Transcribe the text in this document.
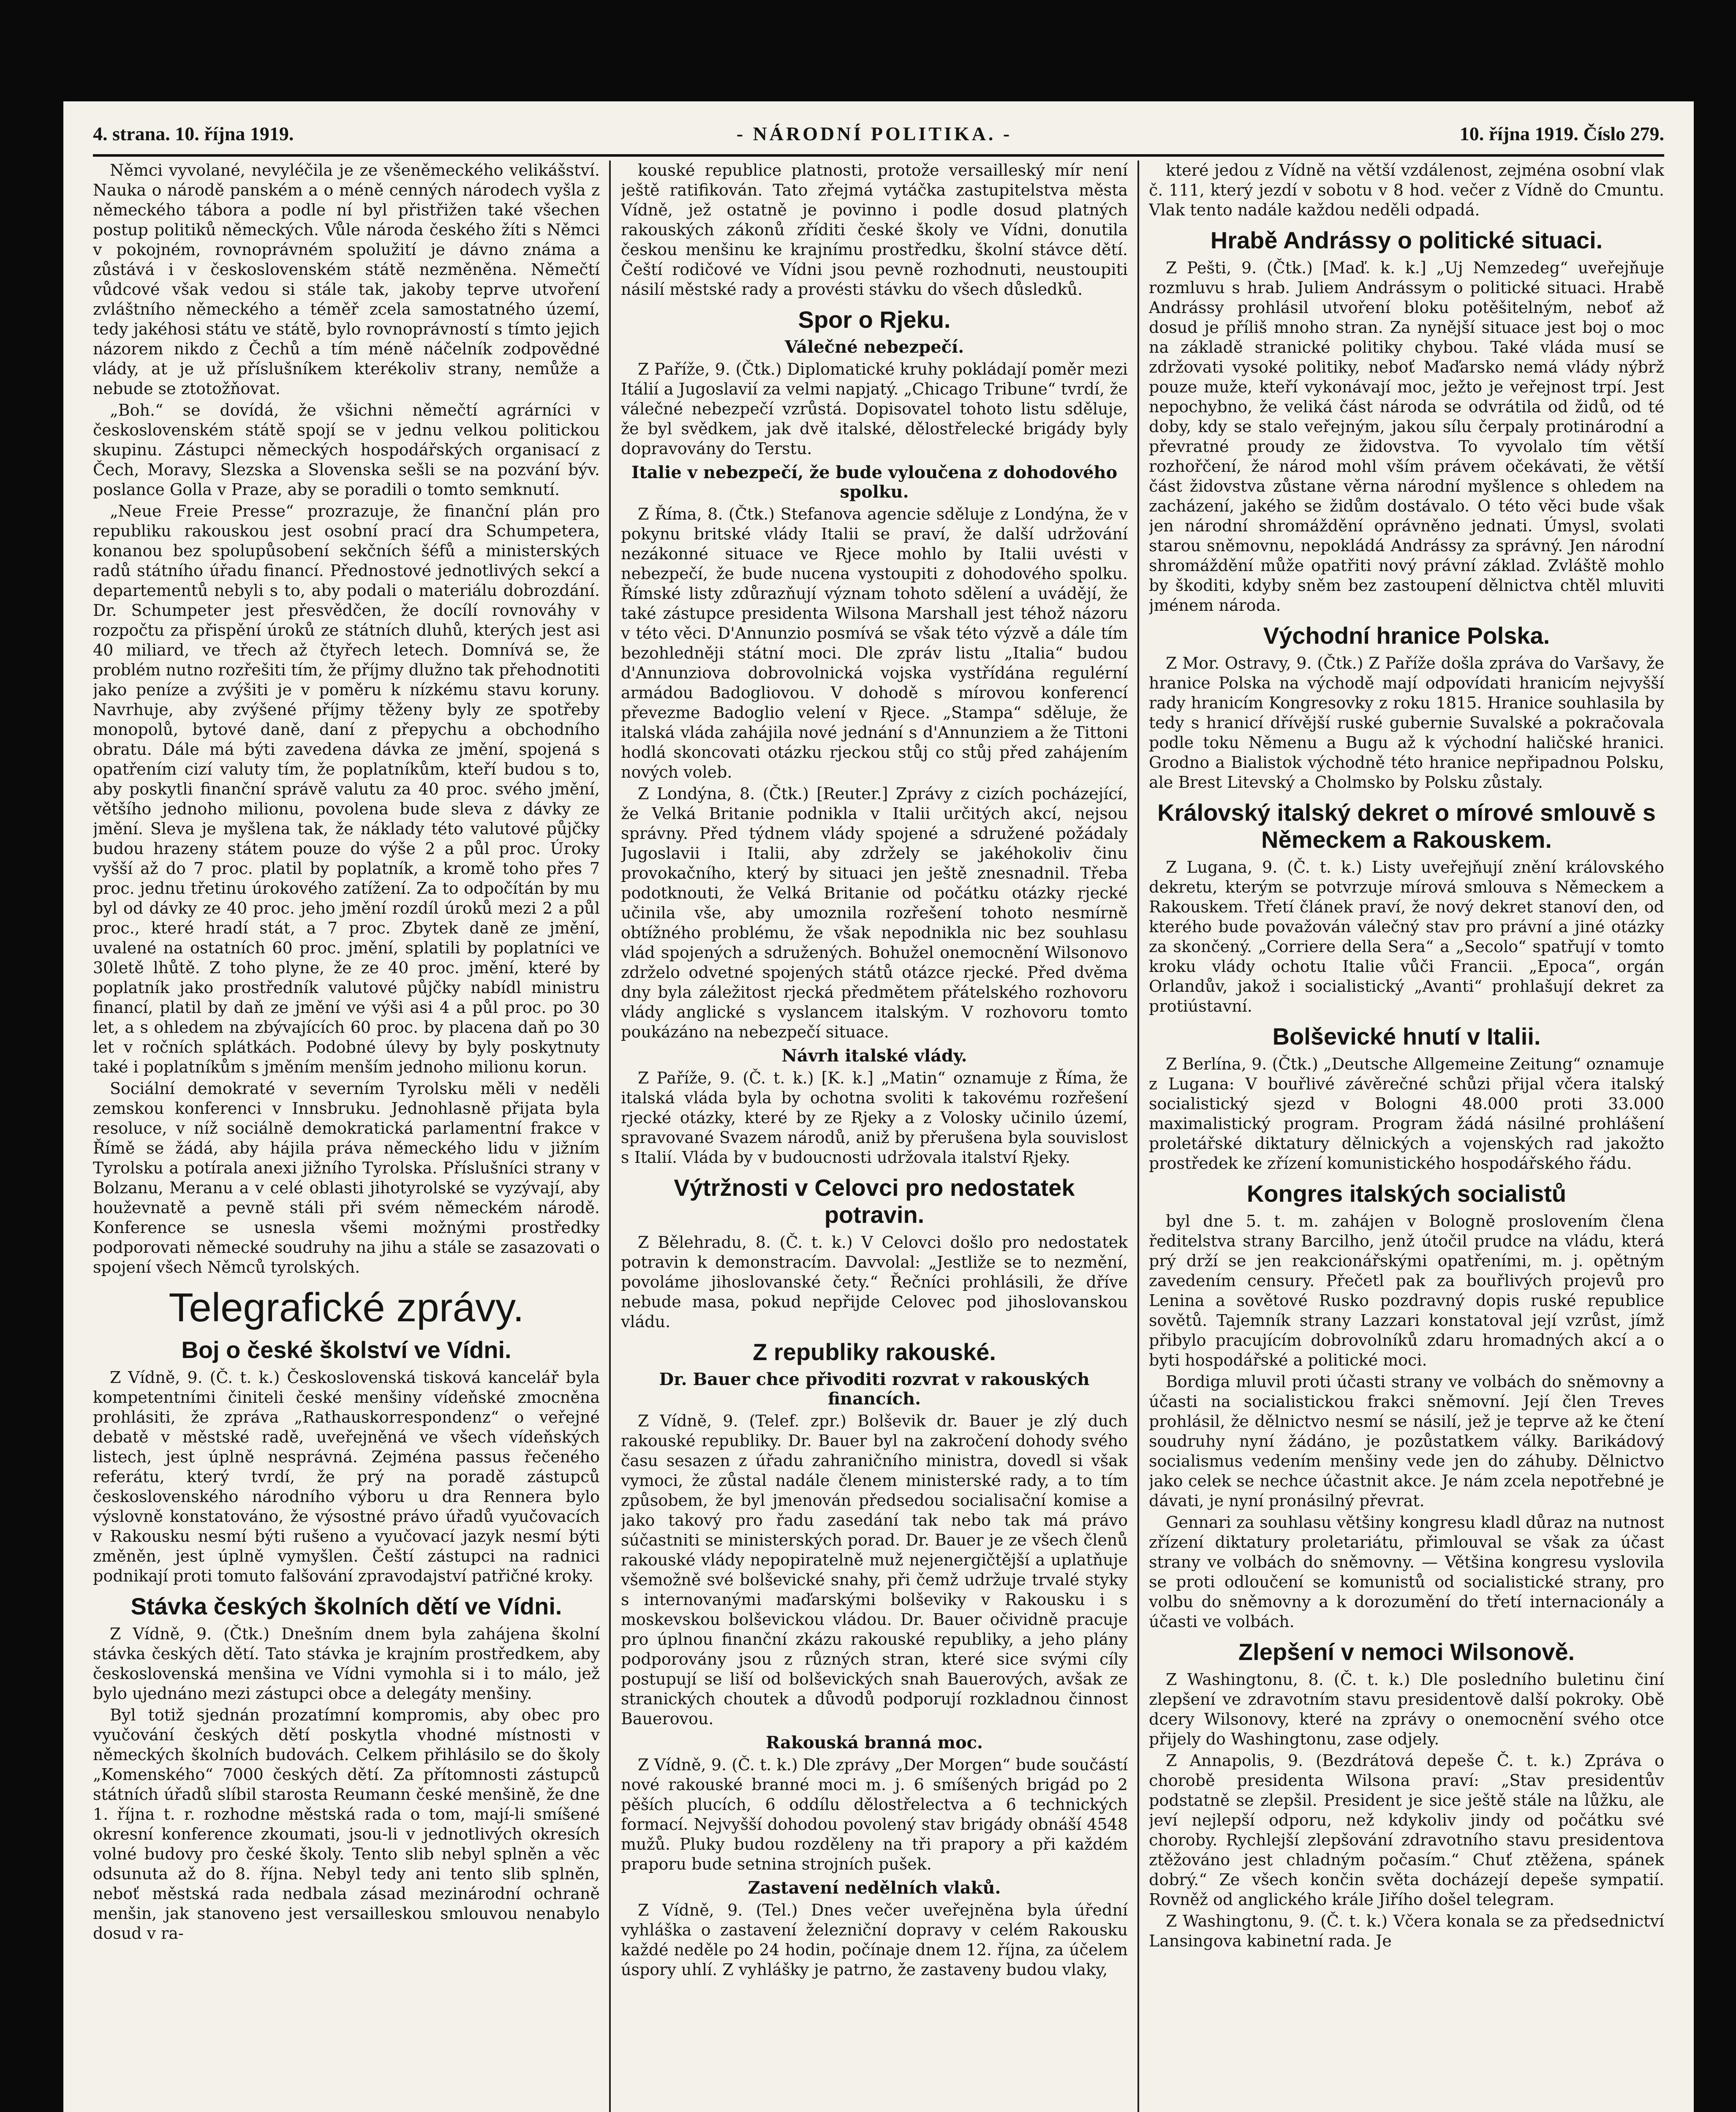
4. strana. 10. října 1919.	- NÁRODNÍ POLITIKA. -	10. října 1919. Číslo 279.

Němci vyvolané, nevyléčila je ze všeněmeckého velikášství. Nauka o národě panském a o méně cenných národech vyšla z německého tábora a podle ní byl přistřižen také všechen postup politiků německých. Vůle národa českého žíti s Němci v pokojném, rovnoprávném spolužití je dávno známa a zůstává i v československém státě nezměněna. Němečtí vůdcové však vedou si stále tak, jakoby teprve utvoření zvláštního německého a téměř zcela samostatného území, tedy jakéhosi státu ve státě, bylo rovnoprávností s tímto jejich názorem nikdo z Čechů a tím méně náčelník zodpovědné vlády, at je už příslušníkem kterékoliv strany, nemůže a nebude se ztotožňovat.

„Boh.“ se dovídá, že všichni němečtí agrárníci v československém státě spojí se v jednu velkou politickou skupinu. Zástupci německých hospodářských organisací z Čech, Moravy, Slezska a Slovenska sešli se na pozvání býv. poslance Golla v Praze, aby se poradili o tomto semknutí.

„Neue Freie Presse“ prozrazuje, že finanční plán pro republiku rakouskou jest osobní prací dra Schumpetera, konanou bez spolupůsobení sekčních šéfů a ministerských radů státního úřadu financí. Přednostové jednotlivých sekcí a departementů nebyli s to, aby podali o materiálu dobrozdání. Dr. Schumpeter jest přesvědčen, že docílí rovnováhy v rozpočtu za přispění úroků ze státních dluhů, kterých jest asi 40 miliard, ve třech až čtyřech letech. Domnívá se, že problém nutno rozřešiti tím, že příjmy dlužno tak přehodnotiti jako peníze a zvýšiti je v poměru k nízkému stavu koruny. Navrhuje, aby zvýšené příjmy těženy byly ze spotřeby monopolů, bytové daně, daní z přepychu a obchodního obratu. Dále má býti zavedena dávka ze jmění, spojená s opatřením cizí valuty tím, že poplatníkům, kteří budou s to, aby poskytli finanční správě valutu za 40 proc. svého jmění, většího jednoho milionu, povolena bude sleva z dávky ze jmění. Sleva je myšlena tak, že náklady této valutové půjčky budou hrazeny státem pouze do výše 2 a půl proc. Úroky vyšší až do 7 proc. platil by poplatník, a kromě toho přes 7 proc. jednu třetinu úrokového zatížení. Za to odpočítán by mu byl od dávky ze 40 proc. jeho jmění rozdíl úroků mezi 2 a půl proc., které hradí stát, a 7 proc. Zbytek daně ze jmění, uvalené na ostatních 60 proc. jmění, splatili by poplatníci ve 30letě lhůtě. Z toho plyne, že ze 40 proc. jmění, které by poplatník jako prostředník valutové půjčky nabídl ministru financí, platil by daň ze jmění ve výši asi 4 a půl proc. po 30 let, a s ohledem na zbývajících 60 proc. by placena daň po 30 let v ročních splátkách. Podobné úlevy by byly poskytnuty také i poplatníkům s jměním menším jednoho milionu korun.

Sociální demokraté v severním Tyrolsku měli v neděli zemskou konferenci v Innsbruku. Jednohlasně přijata byla resoluce, v níž sociálně demokratická parlamentní frakce v Římě se žádá, aby hájila práva německého lidu v jižním Tyrolsku a potírala anexi jižního Tyrolska. Příslušníci strany v Bolzanu, Meranu a v celé oblasti jihotyrolské se vyzývají, aby houževnatě a pevně stáli při svém německém národě. Konference se usnesla všemi možnými prostředky podporovati německé soudruhy na jihu a stále se zasazovati o spojení všech Němců tyrolských.

Telegrafické zprávy.
Boj o české školství ve Vídni.

Z Vídně, 9. (Č. t. k.) Československá tisková kancelář byla kompetentními činiteli české menšiny vídeňské zmocněna prohlásiti, že zpráva „Rathauskorrespondenz“ o veřejné debatě v městské radě, uveřejněná ve všech vídeňských listech, jest úplně nesprávná. Zejména passus řečeného referátu, který tvrdí, že prý na poradě zástupců československého národního výboru u dra Rennera bylo výslovně konstatováno, že výsostné právo úřadů vyučovacích v Rakousku nesmí býti rušeno a vyučovací jazyk nesmí býti změněn, jest úplně vymyšlen. Čeští zástupci na radnici podnikají proti tomuto falšování zpravodajství patřičné kroky.

Stávka českých školních dětí ve Vídni.

Z Vídně, 9. (Čtk.) Dnešním dnem byla zahájena školní stávka českých dětí. Tato stávka je krajním prostředkem, aby československá menšina ve Vídni vymohla si i to málo, jež bylo ujednáno mezi zástupci obce a delegáty menšiny.

Byl totiž sjednán prozatímní kompromis, aby obec pro vyučování českých dětí poskytla vhodné místnosti v německých školních budovách. Celkem přihlásilo se do školy „Komenského“ 7000 českých dětí. Za přítomnosti zástupců státních úřadů slíbil starosta Reumann české menšině, že dne 1. října t. r. rozhodne městská rada o tom, mají-li smíšené okresní konference zkoumati, jsou-li v jednotlivých okresích volné budovy pro české školy. Tento slib nebyl splněn a věc odsunuta až do 8. října. Nebyl tedy ani tento slib splněn, neboť městská rada nedbala zásad mezinárodní ochraně menšin, jak stanoveno jest versailleskou smlouvou nenabylo dosud v ra-

kouské republice platnosti, protože versailleský mír není ještě ratifikován. Tato zřejmá vytáčka zastupitelstva města Vídně, jež ostatně je povinno i podle dosud platných rakouských zákonů zříditi české školy ve Vídni, donutila českou menšinu ke krajnímu prostředku, školní stávce dětí. Čeští rodičové ve Vídni jsou pevně rozhodnuti, neustoupiti násilí městské rady a provésti stávku do všech důsledků.

Spor o Rjeku.
Válečné nebezpečí.

Z Paříže, 9. (Čtk.) Diplomatické kruhy pokládají poměr mezi Itálií a Jugoslavií za velmi napjatý. „Chicago Tribune“ tvrdí, že válečné nebezpečí vzrůstá. Dopisovatel tohoto listu sděluje, že byl svědkem, jak dvě italské, dělostřelecké brigády byly dopravovány do Terstu.

Italie v nebezpečí, že bude vyloučena z dohodového spolku.

Z Říma, 8. (Čtk.) Stefanova agencie sděluje z Londýna, že v pokynu britské vlády Italii se praví, že další udržování nezákonné situace ve Rjece mohlo by Italii uvésti v nebezpečí, že bude nucena vystoupiti z dohodového spolku. Římské listy zdůrazňují význam tohoto sdělení a uvádějí, že také zástupce presidenta Wilsona Marshall jest téhož názoru v této věci. D'Annunzio posmívá se však této výzvě a dále tím bezohledněji státní moci. Dle zpráv listu „Italia“ budou d'Annunziova dobrovolnická vojska vystřídána regulérní armádou Badogliovou. V dohodě s mírovou konferencí převezme Badoglio velení v Rjece. „Stampa“ sděluje, že italská vláda zahájila nové jednání s d'Annunziem a že Tittoni hodlá skoncovati otázku rjeckou stůj co stůj před zahájením nových voleb.

Z Londýna, 8. (Čtk.) [Reuter.] Zprávy z cizích pocházející, že Velká Britanie podnikla v Italii určitých akcí, nejsou správny. Před týdnem vlády spojené a sdružené požádaly Jugoslavii i Italii, aby zdržely se jakéhokoliv činu provokačního, který by situaci jen ještě znesnadnil. Třeba podotknouti, že Velká Britanie od počátku otázky rjecké učinila vše, aby umoznila rozřešení tohoto nesmírně obtížného problému, že však nepodnikla nic bez souhlasu vlád spojených a sdružených. Bohužel onemocnění Wilsonovo zdrželo odvetné spojených států otázce rjecké. Před dvěma dny byla záležitost rjecká předmětem přátelského rozhovoru vlády anglické s vyslancem italským. V rozhovoru tomto poukázáno na nebezpečí situace.

Návrh italské vlády.

Z Paříže, 9. (Č. t. k.) [K. k.] „Matin“ oznamuje z Říma, že italská vláda byla by ochotna svoliti k takovému rozřešení rjecké otázky, které by ze Rjeky a z Volosky učinilo území, spravované Svazem národů, aniž by přerušena byla souvislost s Italií. Vláda by v budoucnosti udržovala italství Rjeky.

Výtržnosti v Celovci pro nedostatek potravin.

Z Bělehradu, 8. (Č. t. k.) V Celovci došlo pro nedostatek potravin k demonstracím. Davvolal: „Jestliže se to nezmění, povoláme jihoslovanské čety.“ Řečníci prohlásili, že dříve nebude masa, pokud nepřijde Celovec pod jihoslovanskou vládu.

Z republiky rakouské.
Dr. Bauer chce přivoditi rozvrat v rakouských financích.

Z Vídně, 9. (Telef. zpr.) Bolševik dr. Bauer je zlý duch rakouské republiky. Dr. Bauer byl na zakročení dohody svého času sesazen z úřadu zahraničního ministra, dovedl si však vymoci, že zůstal nadále členem ministerské rady, a to tím způsobem, že byl jmenován předsedou socialisační komise a jako takový pro řadu zasedání tak nebo tak má právo súčastniti se ministerských porad. Dr. Bauer je ze všech členů rakouské vlády nepopiratelně muž nejenergičtější a uplatňuje všemožně své bolševické snahy, při čemž udržuje trvalé styky s internovanými maďarskými bolševiky v Rakousku i s moskevskou bolševickou vládou. Dr. Bauer očividně pracuje pro úplnou finanční zkázu rakouské republiky, a jeho plány podporovány jsou z různých stran, které sice svými cíly postupují se liší od bolševických snah Bauerových, avšak ze stranických choutek a důvodů podporují rozkladnou činnost Bauerovou.

Rakouská branná moc.

Z Vídně, 9. (Č. t. k.) Dle zprávy „Der Morgen“ bude součástí nové rakouské branné moci m. j. 6 smíšených brigád po 2 pěších plucích, 6 oddílu dělostřelectva a 6 technických formací. Nejvyšší dohodou povolený stav brigády obnáší 4548 mužů. Pluky budou rozděleny na tři prapory a při každém praporu bude setnina strojních pušek.

Zastavení nedělních vlaků.

Z Vídně, 9. (Tel.) Dnes večer uveřejněna byla úřední vyhláška o zastavení železniční dopravy v celém Rakousku každé neděle po 24 hodin, počínaje dnem 12. října, za účelem úspory uhlí. Z vyhlášky je patrno, že zastaveny budou vlaky,

které jedou z Vídně na větší vzdálenost, zejména osobní vlak č. 111, který jezdí v sobotu v 8 hod. večer z Vídně do Cmuntu. Vlak tento nadále každou neděli odpadá.

Hrabě Andrássy o politické situaci.

Z Pešti, 9. (Čtk.) [Maď. k. k.] „Uj Nemzedeg“ uveřejňuje rozmluvu s hrab. Juliem Andrássym o politické situaci. Hrabě Andrássy prohlásil utvoření bloku potěšitelným, neboť až dosud je příliš mnoho stran. Za nynější situace jest boj o moc na základě stranické politiky chybou. Také vláda musí se zdržovati vysoké politiky, neboť Maďarsko nemá vlády nýbrž pouze muže, kteří vykonávají moc, ježto je veřejnost trpí. Jest nepochybno, že veliká část národa se odvrátila od židů, od té doby, kdy se stalo veřejným, jakou sílu čerpaly protinárodní a převratné proudy ze židovstva. To vyvolalo tím větší rozhořčení, že národ mohl vším právem očekávati, že větší část židovstva zůstane věrna národní myšlence s ohledem na zacházení, jakého se židům dostávalo. O této věci bude však jen národní shromáždění oprávněno jednati. Úmysl, svolati starou sněmovnu, nepokládá Andrássy za správný. Jen národní shromáždění může opatřiti nový právní základ. Zvláště mohlo by škoditi, kdyby sněm bez zastoupení dělnictva chtěl mluviti jménem národa.

Východní hranice Polska.

Z Mor. Ostravy, 9. (Čtk.) Z Paříže došla zpráva do Varšavy, že hranice Polska na východě mají odpovídati hranicím nejvyšší rady hranicím Kongresovky z roku 1815. Hranice souhlasila by tedy s hranicí dřívější ruské gubernie Suvalské a pokračovala podle toku Němenu a Bugu až k východní haličské hranici. Grodno a Bialistok východně této hranice nepřipadnou Polsku, ale Brest Litevský a Cholmsko by Polsku zůstaly.

Královský italský dekret o mírové smlouvě s Německem a Rakouskem.

Z Lugana, 9. (Č. t. k.) Listy uveřejňují znění královského dekretu, kterým se potvrzuje mírová smlouva s Německem a Rakouskem. Třetí článek praví, že nový dekret stanoví den, od kterého bude považován válečný stav pro právní a jiné otázky za skončený. „Corriere della Sera“ a „Secolo“ spatřují v tomto kroku vlády ochotu Italie vůči Francii. „Epoca“, orgán Orlandův, jakož i socialistický „Avanti“ prohlašují dekret za protiústavní.

Bolševické hnutí v Italii.

Z Berlína, 9. (Čtk.) „Deutsche Allgemeine Zeitung“ oznamuje z Lugana: V bouřlivé závěrečné schůzi přijal včera italský socialistický sjezd v Bologni 48.000 proti 33.000 maximalistický program. Program žádá násilné prohlášení proletářské diktatury dělnických a vojenských rad jakožto prostředek ke zřízení komunistického hospodářského řádu.

Kongres italských socialistů

byl dne 5. t. m. zahájen v Bologně proslovením člena ředitelstva strany Barcilho, jenž útočil prudce na vládu, která prý drží se jen reakcionářskými opatřeními, m. j. opětným zavedením censury. Přečetl pak za bouřlivých projevů pro Lenina a sovětové Rusko pozdravný dopis ruské republice sovětů. Tajemník strany Lazzari konstatoval její vzrůst, jímž přibylo pracujícím dobrovolníků zdaru hromadných akcí a o byti hospodářské a politické moci.

Bordiga mluvil proti účasti strany ve volbách do sněmovny a účasti na socialistickou frakci sněmovní. Její člen Treves prohlásil, že dělnictvo nesmí se násilí, jež je teprve až ke čtení soudruhy nyní žádáno, je pozůstatkem války. Barikádový socialismus vedením menšiny vede jen do záhuby. Dělnictvo jako celek se nechce účastnit akce. Je nám zcela nepotřebné je dávati, je nyní pronásilný převrat.

Gennari za souhlasu většiny kongresu kladl důraz na nutnost zřízení diktatury proletariátu, přimlouval se však za účast strany ve volbách do sněmovny. — Většina kongresu vyslovila se proti odloučení se komunistů od socialistické strany, pro volbu do sněmovny a k dorozumění do třetí internacionály a účasti ve volbách.

Zlepšení v nemoci Wilsonově.

Z Washingtonu, 8. (Č. t. k.) Dle posledního buletinu činí zlepšení ve zdravotním stavu presidentově další pokroky. Obě dcery Wilsonovy, které na zprávy o onemocnění svého otce přijely do Washingtonu, zase odjely.

Z Annapolis, 9. (Bezdrátová depeše Č. t. k.) Zpráva o chorobě presidenta Wilsona praví: „Stav presidentův podstatně se zlepšil. President je sice ještě stále na lůžku, ale jeví nejlepší odporu, než kdykoliv jindy od počátku své choroby. Rychlejší zlepšování zdravotního stavu presidentova ztěžováno jest chladným počasím.“ Chuť ztěžena, spánek dobrý.“ Ze všech končin světa docházejí depeše sympatií. Rovněž od anglického krále Jiřího došel telegram.

Z Washingtonu, 9. (Č. t. k.) Včera konala se za předsednictví Lansingova kabinetní rada. Je
